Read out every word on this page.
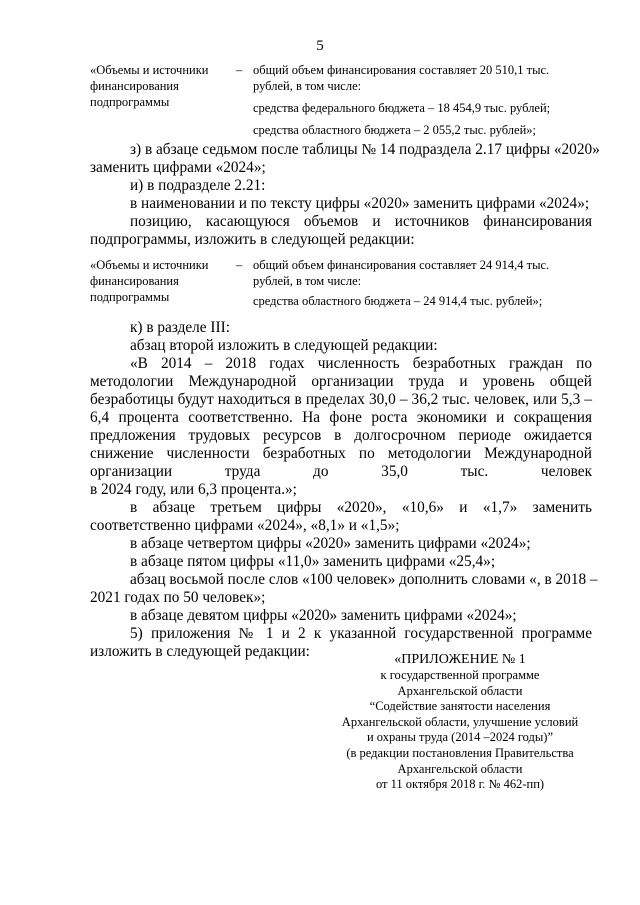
5
«Объемы и источники
финансирования
подпрограммы
– общий объем финансирования составляет 20 510,1 тыс.
рублей, в том числе:
средства федерального бюджета – 18 454,9 тыс. рублей;
средства областного бюджета – 2 055,2 тыс. рублей»;
з) в абзаце седьмом после таблицы № 14 подраздела 2.17 цифры «2020»
заменить цифрами «2024»;
и) в подразделе 2.21:
в наименовании и по тексту цифры «2020» заменить цифрами «2024»;
позицию, касающуюся объемов и источников финансирования
подпрограммы, изложить в следующей редакции:
«Объемы и источники
финансирования
подпрограммы
– общий объем финансирования составляет 24 914,4 тыс.
рублей, в том числе:
средства областного бюджета – 24 914,4 тыс. рублей»;
к) в разделе III:
абзац второй изложить в следующей редакции:
«В 2014 – 2018 годах численность безработных граждан по
методологии Международной организации труда и уровень общей
безработицы будут находиться в пределах 30,0 – 36,2 тыс. человек, или 5,3 –
6,4 процента соответственно. На фоне роста экономики и сокращения
предложения трудовых ресурсов в долгосрочном периоде ожидается
снижение численности безработных по методологии Международной
организации труда до 35,0 тыс. человек
в 2024 году, или 6,3 процента.»;
в абзаце третьем цифры «2020», «10,6» и «1,7» заменить
соответственно цифрами «2024», «8,1» и «1,5»;
в абзаце четвертом цифры «2020» заменить цифрами «2024»;
в абзаце пятом цифры «11,0» заменить цифрами «25,4»;
абзац восьмой после слов «100 человек» дополнить словами «, в 2018 –
2021 годах по 50 человек»;
в абзаце девятом цифры «2020» заменить цифрами «2024»;
5) приложения № 1 и 2 к указанной государственной программе
изложить в следующей редакции:	«ПРИЛОЖЕНИЕ № 1
к государственной программе
Архангельской области
“Содействие занятости населения
Архангельской области, улучшение условий
и охраны труда (2014 –2024 годы)”
(в редакции постановления Правительства
Архангельской области
от 11 октября 2018 г. № 462-пп)
